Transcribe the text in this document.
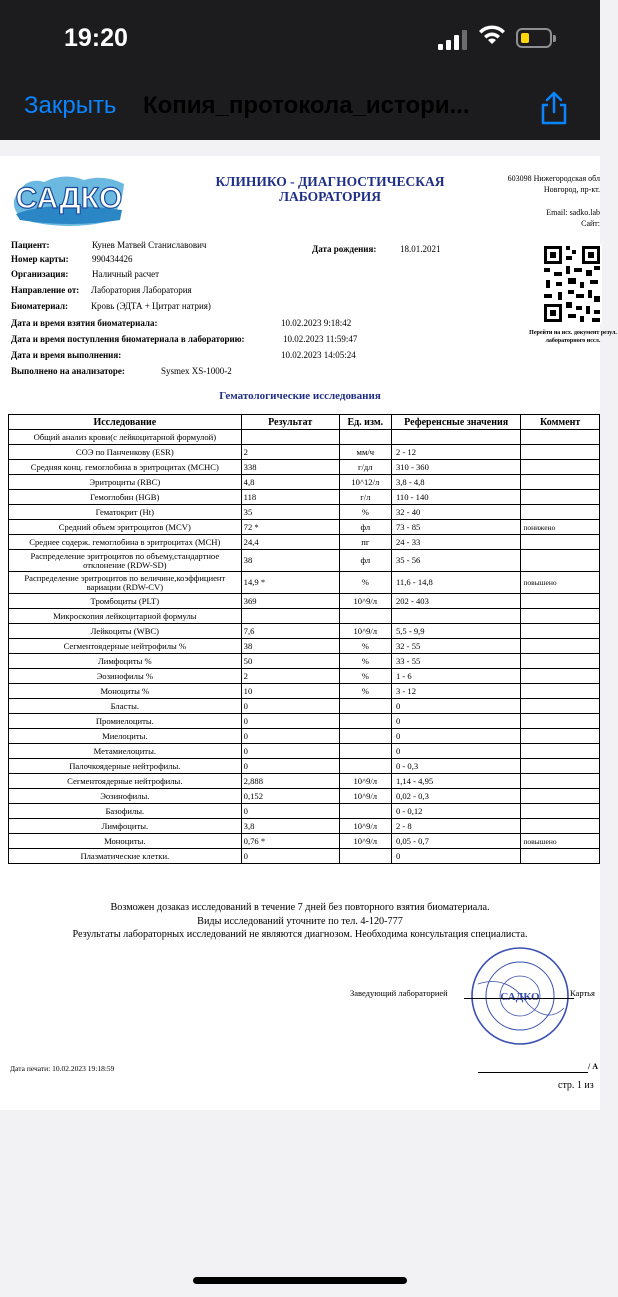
19:20
Закрыть Копия_протокола_истори...
САДКО
КЛИНИКО - ДИАГНОСТИЧЕСКАЯ
ЛАБОРАТОРИЯ
603098 Нижегородская обл
Новгород, пр-кт.
Email: sadko.lab
Сайт:
Перейти на исх. документ резул. лабораторного иссл.
Пациент:	Кунев Матвей Станиславович	Дата рождения:	18.01.2021
Номер карты:	990434426
Организация:	Наличный расчет
Направление от: Лаборатория Лаборатория
Биоматериал:	Кровь (ЭДТА + Цитрат натрия)
Дата и время взятия биоматериала:	10.02.2023 9:18:42
Дата и время поступления биоматериала в лабораторию:	10.02.2023 11:59:47
Дата и время выполнения:	10.02.2023 14:05:24
Выполнено на анализаторе:	Sysmex XS-1000-2
Гематологические исследования
Исследование	Результат	Ед. изм.	Референсные значения	Коммент
Общий анализ крови(с лейкоцитарной формулой)				
СОЭ по Панченкову (ESR)	2	мм/ч	2 - 12	
Средняя конц. гемоглобина в эритроцитах (MCHC)	338	г/дл	310 - 360	
Эритроциты (RBC)	4,8	10^12/л	3,8 - 4,8	
Гемоглобин (HGB)	118	г/л	110 - 140	
Гематокрит (Ht)	35	%	32 - 40	
Средний объем эритроцитов (MCV)	72 *	фл	73 - 85	понижено
Среднее содерж. гемоглобина в эритроцитах (MCH)	24,4	пг	24 - 33	
Распределение эритроцитов по объему,стандартное отклонение (RDW-SD)	38	фл	35 - 56	
Распределение эритроцитов по величине,коэффициент вариации (RDW-CV)	14,9 *	%	11,6 - 14,8	повышено
Тромбоциты (PLT)	369	10^9/л	202 - 403	
Микроскопия лейкоцитарной формулы				
Лейкоциты (WBC)	7,6	10^9/л	5,5 - 9,9	
Сегментоядерные нейтрофилы %	38	%	32 - 55	
Лимфоциты %	50	%	33 - 55	
Эозинофилы %	2	%	1 - 6	
Моноциты %	10	%	3 - 12	
Бласты.	0		0	
Промиелоциты.	0		0	
Миелоциты.	0		0	
Метамиелоциты.	0		0	
Палочкоядерные нейтрофилы.	0		0 - 0,3	
Сегментоядерные нейтрофилы.	2,888	10^9/л	1,14 - 4,95	
Эозинофилы.	0,152	10^9/л	0,02 - 0,3	
Базофилы.	0		0 - 0,12	
Лимфоциты.	3,8	10^9/л	2 - 8	
Моноциты.	0,76 *	10^9/л	0,05 - 0,7	повышено
Плазматические клетки.	0		0	
Возможен дозаказ исследований в течение 7 дней без повторного взятия биоматериала.
Виды исследований уточните по тел. 4-120-777
Результаты лабораторных исследований не являются диагнозом. Необходима консультация специалиста.
САДКО
Заведующий лабораторией	Картья
Дата печати: 10.02.2023 19:18:59	/ А
стр. 1 из
